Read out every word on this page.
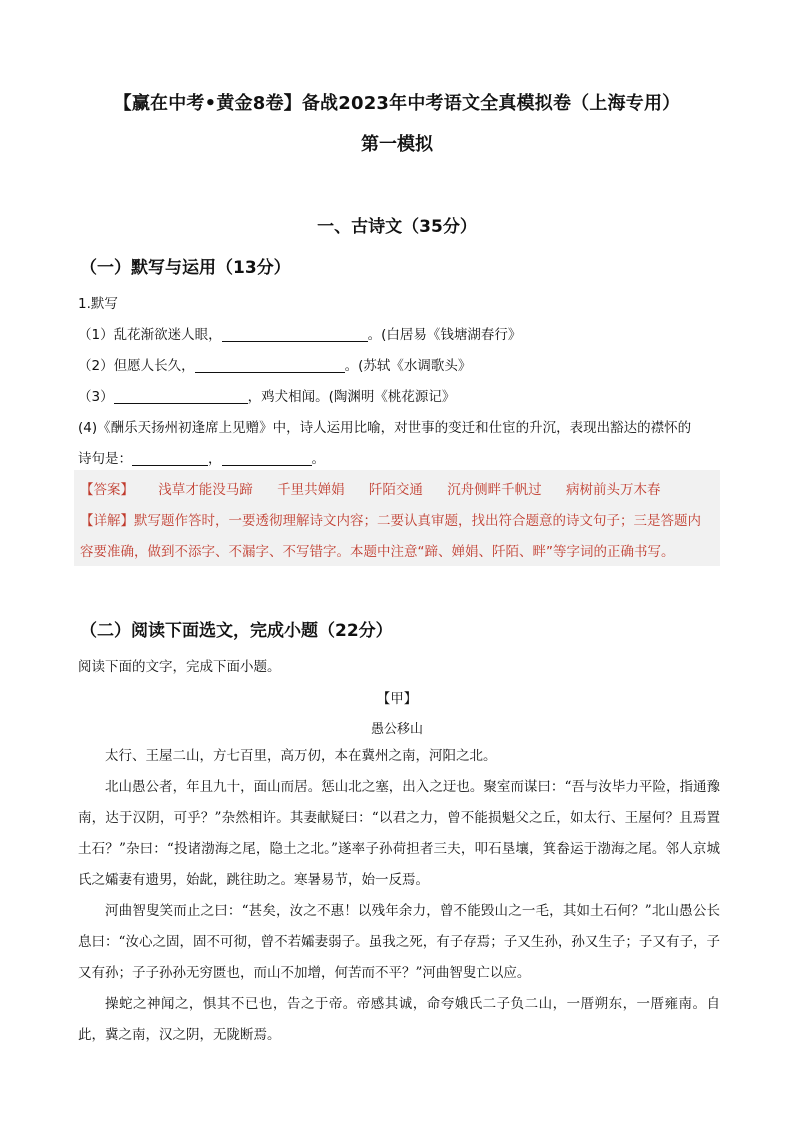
【赢在中考•黄金8卷】备战2023年中考语文全真模拟卷（上海专用）
第一模拟
一、古诗文（35分）
（一）默写与运用（13分）
1.默写
（1）乱花渐欲迷人眼，	。(白居易《钱塘湖春行》
（2）但愿人长久，	。(苏轼《水调歌头》
（3）	，鸡犬相闻。(陶渊明《桃花源记》
(4)《酬乐天扬州初逢席上见赠》中，诗人运用比喻，对世事的变迁和仕宦的升沉，表现出豁达的襟怀的
诗句是：	，	。
【答案】 浅草才能没马蹄 千里共婵娟 阡陌交通 沉舟侧畔千帆过 病树前头万木春
【详解】默写题作答时，一要透彻理解诗文内容；二要认真审题，找出符合题意的诗文句子；三是答题内
容要准确，做到不添字、不漏字、不写错字。本题中注意“蹄、婵娟、阡陌、畔”等字词的正确书写。
（二）阅读下面选文，完成小题（22分）
阅读下面的文字，完成下面小题。
【甲】
愚公移山
太行、王屋二山，方七百里，高万仞，本在冀州之南，河阳之北。
北山愚公者，年且九十，面山而居。惩山北之塞，出入之迂也。聚室而谋曰：“吾与汝毕力平险，指通豫南，达于汉阴，可乎？”杂然相许。其妻献疑曰：“以君之力，曾不能损魁父之丘，如太行、王屋何？且焉置土石？”杂曰：“投诸渤海之尾，隐土之北。”遂率子孙荷担者三夫，叩石垦壤，箕畚运于渤海之尾。邻人京城氏之孀妻有遗男，始龀，跳往助之。寒暑易节，始一反焉。
河曲智叟笑而止之曰：“甚矣，汝之不惠！以残年余力，曾不能毁山之一毛，其如土石何？”北山愚公长息曰：“汝心之固，固不可彻，曾不若孀妻弱子。虽我之死，有子存焉；子又生孙，孙又生子；子又有子，子又有孙；子子孙孙无穷匮也，而山不加增，何苦而不平？”河曲智叟亡以应。
操蛇之神闻之，惧其不已也，告之于帝。帝感其诚，命夸娥氏二子负二山，一厝朔东，一厝雍南。自此，冀之南，汉之阴，无陇断焉。
